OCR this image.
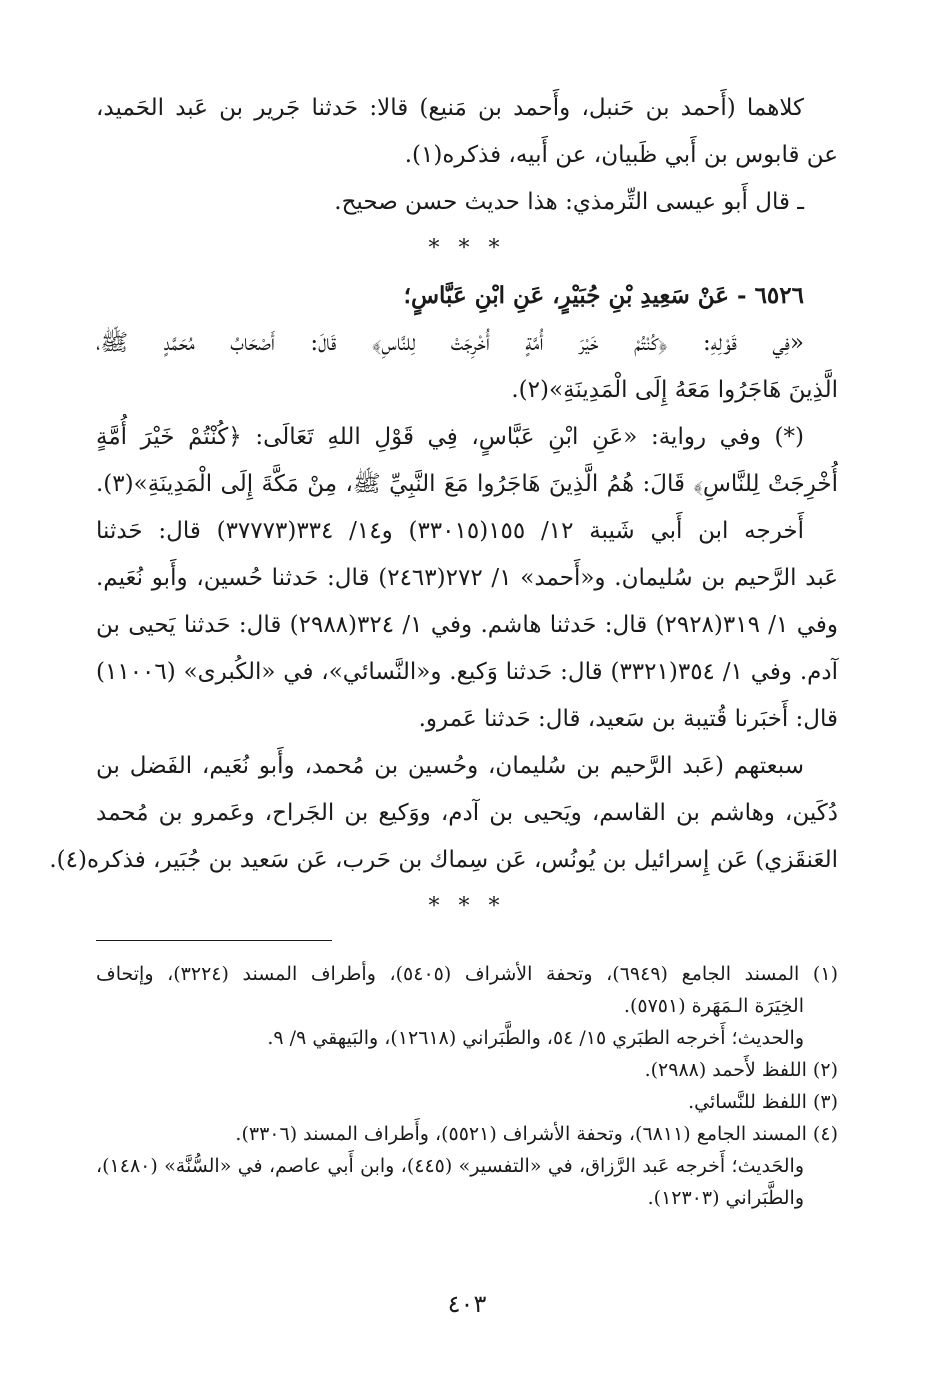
كلاهما (أَحمد بن حَنبل، وأَحمد بن مَنيع) قالا: حَدثنا جَرير بن عَبد الحَميد،
عن قابوس بن أَبي ظَبيان، عن أَبيه، فذكره(١).
ـ قال أَبو عيسى التِّرمذي: هذا حديث حسن صحيح.
* * *
٦٥٢٦ - عَنْ سَعِيدِ بْنِ جُبَيْرٍ، عَنِ ابْنِ عَبَّاسٍ؛
«فِي قَوْلِهِ: ﴿كُنْتُمْ خَيْرَ أُمَّةٍ أُخْرِجَتْ لِلنَّاسِ﴾ قَالَ: أَصْحَابُ مُحَمَّدٍ ﷺ،
الَّذِينَ هَاجَرُوا مَعَهُ إِلَى الْمَدِينَةِ»(٢).
(*) وفي رواية: «عَنِ ابْنِ عَبَّاسٍ، فِي قَوْلِ اللهِ تَعَالَى: ﴿كُنْتُمْ خَيْرَ أُمَّةٍ
أُخْرِجَتْ لِلنَّاسِ﴾ قَالَ: هُمُ الَّذِينَ هَاجَرُوا مَعَ النَّبِيِّ ﷺ، مِنْ مَكَّةَ إِلَى الْمَدِينَةِ»(٣).
أَخرجه ابن أَبي شَيبة ١٢/ ١٥٥(٣٣٠١٥) و١٤/ ٣٣٤(٣٧٧٧٣) قال: حَدثنا
عَبد الرَّحيم بن سُليمان. و«أَحمد» ١/ ٢٧٢(٢٤٦٣) قال: حَدثنا حُسين، وأَبو نُعَيم.
وفي ١/ ٣١٩(٢٩٢٨) قال: حَدثنا هاشم. وفي ١/ ٣٢٤(٢٩٨٨) قال: حَدثنا يَحيى بن
آدم. وفي ١/ ٣٥٤(٣٣٢١) قال: حَدثنا وَكيع. و«النَّسائي»، في «الكُبرى» (١١٠٠٦)
قال: أَخبَرنا قُتيبة بن سَعيد، قال: حَدثنا عَمرو.
سبعتهم (عَبد الرَّحيم بن سُليمان، وحُسين بن مُحمد، وأَبو نُعَيم، الفَضل بن
دُكَين، وهاشم بن القاسم، ويَحيى بن آدم، ووَكيع بن الجَراح، وعَمرو بن مُحمد
العَنقَزي) عَن إِسرائيل بن يُونُس، عَن سِماك بن حَرب، عَن سَعيد بن جُبَير، فذكره(٤).
* * *
(١) المسند الجامع (٦٩٤٩)، وتحفة الأشراف (٥٤٠٥)، وأطراف المسند (٣٢٢٤)، وإتحاف
الخِيَرَة الـمَهَرة (٥٧٥١).
والحديث؛ أَخرجه الطبَري ١٥/ ٥٤، والطَّبَراني (١٢٦١٨)، والبَيهقي ٩/ ٩.
(٢) اللفظ لأَحمد (٢٩٨٨).
(٣) اللفظ للنَّسائي.
(٤) المسند الجامع (٦٨١١)، وتحفة الأشراف (٥٥٢١)، وأَطراف المسند (٣٣٠٦).
والحَديث؛ أَخرجه عَبد الرَّزاق، في «التفسير» (٤٤٥)، وابن أَبي عاصم، في «السُّنَّة» (١٤٨٠)،
والطَّبَراني (١٢٣٠٣).
٤٠٣
